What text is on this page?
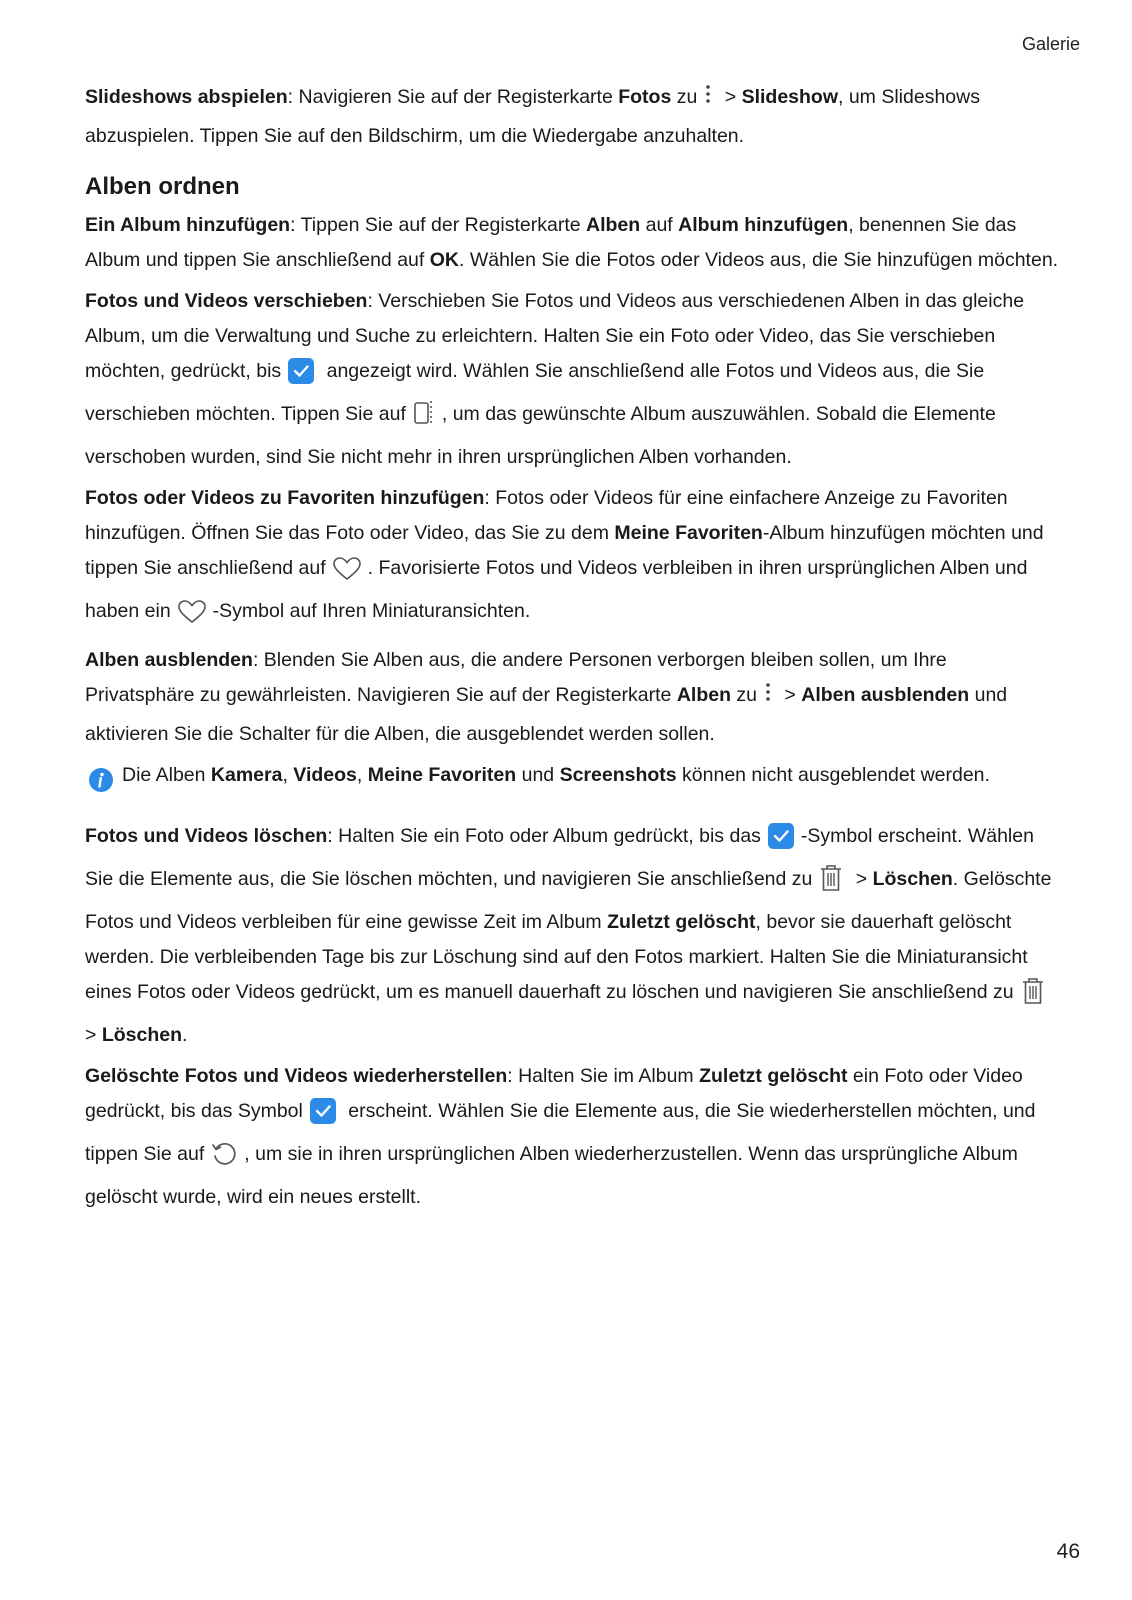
Galerie

Slideshows abspielen: Navigieren Sie auf der Registerkarte Fotos zu > Slideshow, um Slideshows abzuspielen. Tippen Sie auf den Bildschirm, um die Wiedergabe anzuhalten.

Alben ordnen

Ein Album hinzufügen: Tippen Sie auf der Registerkarte Alben auf Album hinzufügen, benennen Sie das Album und tippen Sie anschließend auf OK. Wählen Sie die Fotos oder Videos aus, die Sie hinzufügen möchten.

Fotos und Videos verschieben: Verschieben Sie Fotos und Videos aus verschiedenen Alben in das gleiche Album, um die Verwaltung und Suche zu erleichtern. Halten Sie ein Foto oder Video, das Sie verschieben möchten, gedrückt, bis angezeigt wird. Wählen Sie anschließend alle Fotos und Videos aus, die Sie verschieben möchten. Tippen Sie auf , um das gewünschte Album auszuwählen. Sobald die Elemente verschoben wurden, sind Sie nicht mehr in ihren ursprünglichen Alben vorhanden.

Fotos oder Videos zu Favoriten hinzufügen: Fotos oder Videos für eine einfachere Anzeige zu Favoriten hinzufügen. Öffnen Sie das Foto oder Video, das Sie zu dem Meine Favoriten-Album hinzufügen möchten und tippen Sie anschließend auf . Favorisierte Fotos und Videos verbleiben in ihren ursprünglichen Alben und haben ein -Symbol auf Ihren Miniaturansichten.

Alben ausblenden: Blenden Sie Alben aus, die andere Personen verborgen bleiben sollen, um Ihre Privatsphäre zu gewährleisten. Navigieren Sie auf der Registerkarte Alben zu > Alben ausblenden und aktivieren Sie die Schalter für die Alben, die ausgeblendet werden sollen.

Die Alben Kamera, Videos, Meine Favoriten und Screenshots können nicht ausgeblendet werden.

Fotos und Videos löschen: Halten Sie ein Foto oder Album gedrückt, bis das -Symbol erscheint. Wählen Sie die Elemente aus, die Sie löschen möchten, und navigieren Sie anschließend zu > Löschen. Gelöschte Fotos und Videos verbleiben für eine gewisse Zeit im Album Zuletzt gelöscht, bevor sie dauerhaft gelöscht werden. Die verbleibenden Tage bis zur Löschung sind auf den Fotos markiert. Halten Sie die Miniaturansicht eines Fotos oder Videos gedrückt, um es manuell dauerhaft zu löschen und navigieren Sie anschließend zu > Löschen.

Gelöschte Fotos und Videos wiederherstellen: Halten Sie im Album Zuletzt gelöscht ein Foto oder Video gedrückt, bis das Symbol erscheint. Wählen Sie die Elemente aus, die Sie wiederherstellen möchten, und tippen Sie auf , um sie in ihren ursprünglichen Alben wiederherzustellen. Wenn das ursprüngliche Album gelöscht wurde, wird ein neues erstellt.

46
